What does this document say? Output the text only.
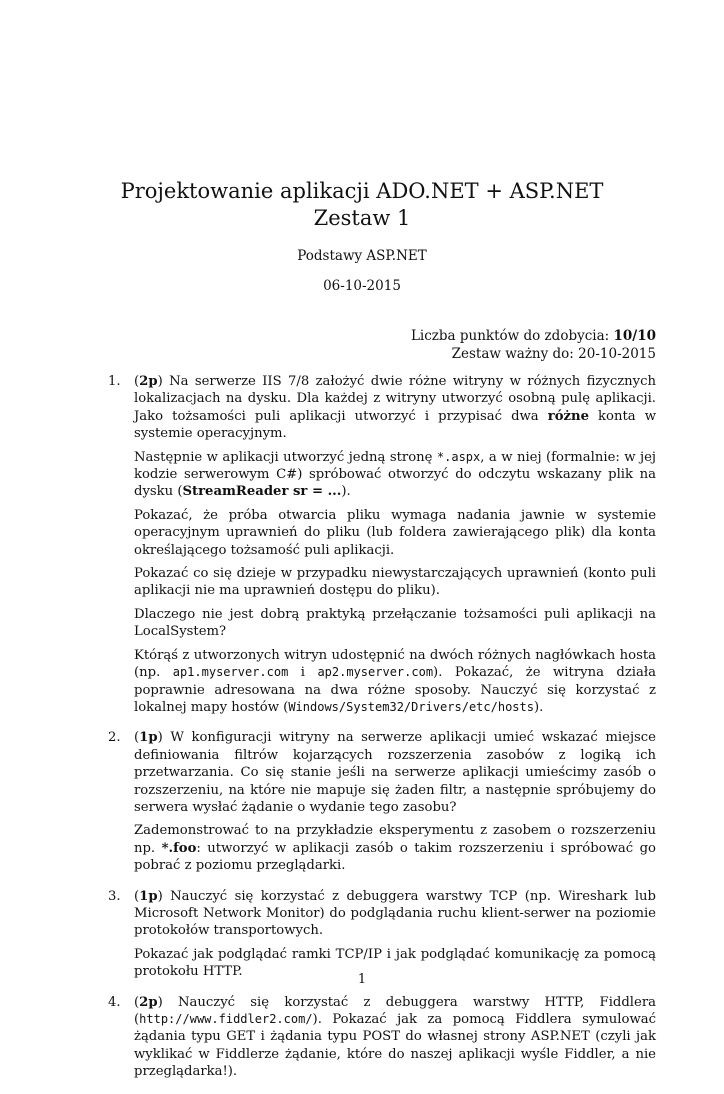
Projektowanie aplikacji ADO.NET + ASP.NET
Zestaw 1
Podstawy ASP.NET
06-10-2015
Liczba punktów do zdobycia: 10/10
Zestaw ważny do: 20-10-2015
1. (2p) Na serwerze IIS 7/8 założyć dwie różne witryny w różnych fizycznych lokalizacjach na dysku. Dla każdej z witryny utworzyć osobną pulę aplikacji. Jako tożsamości puli aplikacji utworzyć i przypisać dwa różne konta w systemie operacyjnym.

Następnie w aplikacji utworzyć jedną stronę *.aspx, a w niej (formalnie: w jej kodzie serwerowym C#) spróbować otworzyć do odczytu wskazany plik na dysku (StreamReader sr = ...).

Pokazać, że próba otwarcia pliku wymaga nadania jawnie w systemie operacyjnym uprawnień do pliku (lub foldera zawierającego plik) dla konta określającego tożsamość puli aplikacji.

Pokazać co się dzieje w przypadku niewystarczających uprawnień (konto puli aplikacji nie ma uprawnień dostępu do pliku).

Dlaczego nie jest dobrą praktyką przełączanie tożsamości puli aplikacji na LocalSystem?

Którąś z utworzonych witryn udostępnić na dwóch różnych nagłówkach hosta (np. ap1.myserver.com i ap2.myserver.com). Pokazać, że witryna działa poprawnie adresowana na dwa różne sposoby. Nauczyć się korzystać z lokalnej mapy hostów (Windows/System32/Drivers/etc/hosts).

2. (1p) W konfiguracji witryny na serwerze aplikacji umieć wskazać miejsce definiowania filtrów kojarzących rozszerzenia zasobów z logiką ich przetwarzania. Co się stanie jeśli na serwerze aplikacji umieścimy zasób o rozszerzeniu, na które nie mapuje się żaden filtr, a następnie spróbujemy do serwera wysłać żądanie o wydanie tego zasobu?

Zademonstrować to na przykładzie eksperymentu z zasobem o rozszerzeniu np. *.foo: utworzyć w aplikacji zasób o takim rozszerzeniu i spróbować go pobrać z poziomu przeglądarki.

3. (1p) Nauczyć się korzystać z debuggera warstwy TCP (np. Wireshark lub Microsoft Network Monitor) do podglądania ruchu klient-serwer na poziomie protokołów transportowych.

Pokazać jak podglądać ramki TCP/IP i jak podglądać komunikację za pomocą protokołu HTTP.

4. (2p) Nauczyć się korzystać z debuggera warstwy HTTP, Fiddlera (http://www.fiddler2.com/). Pokazać jak za pomocą Fiddlera symulować żądania typu GET i żądania typu POST do własnej strony ASP.NET (czyli jak wyklikać w Fiddlerze żądanie, które do naszej aplikacji wyśle Fiddler, a nie przeglądarka!).

1
